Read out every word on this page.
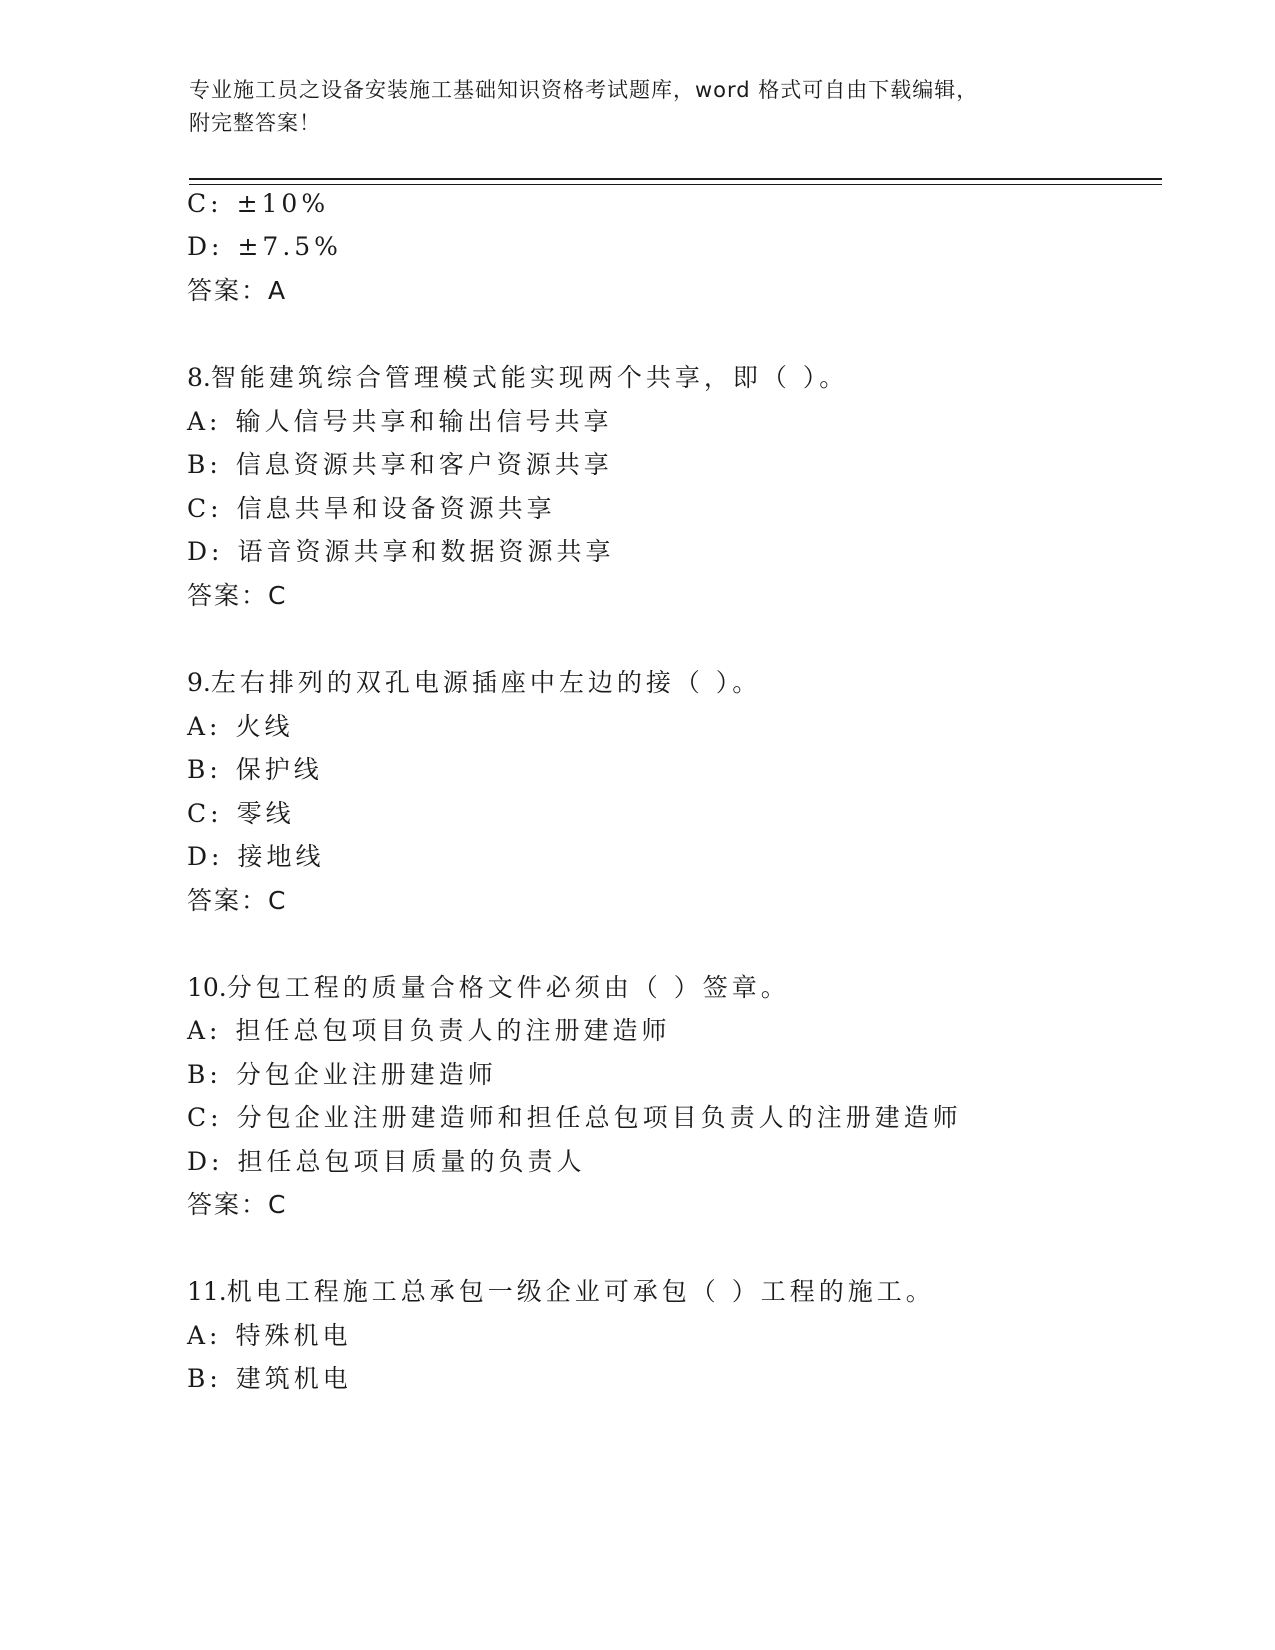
专业施工员之设备安装施工基础知识资格考试题库，word 格式可自由下载编辑，
附完整答案！
C: ±10%
D: ±7.5%
答案：A
8.智能建筑综合管理模式能实现两个共享，即（ ）。
A: 输人信号共享和输出信号共享
B: 信息资源共享和客户资源共享
C: 信息共旱和设备资源共享
D: 语音资源共享和数据资源共享
答案：C
9.左右排列的双孔电源插座中左边的接（ ）。
A: 火线
B: 保护线
C: 零线
D: 接地线
答案：C
10.分包工程的质量合格文件必须由（ ）签章。
A: 担任总包项目负责人的注册建造师
B: 分包企业注册建造师
C: 分包企业注册建造师和担任总包项目负责人的注册建造师
D: 担任总包项目质量的负责人
答案：C
11.机电工程施工总承包一级企业可承包（ ）工程的施工。
A: 特殊机电
B: 建筑机电
